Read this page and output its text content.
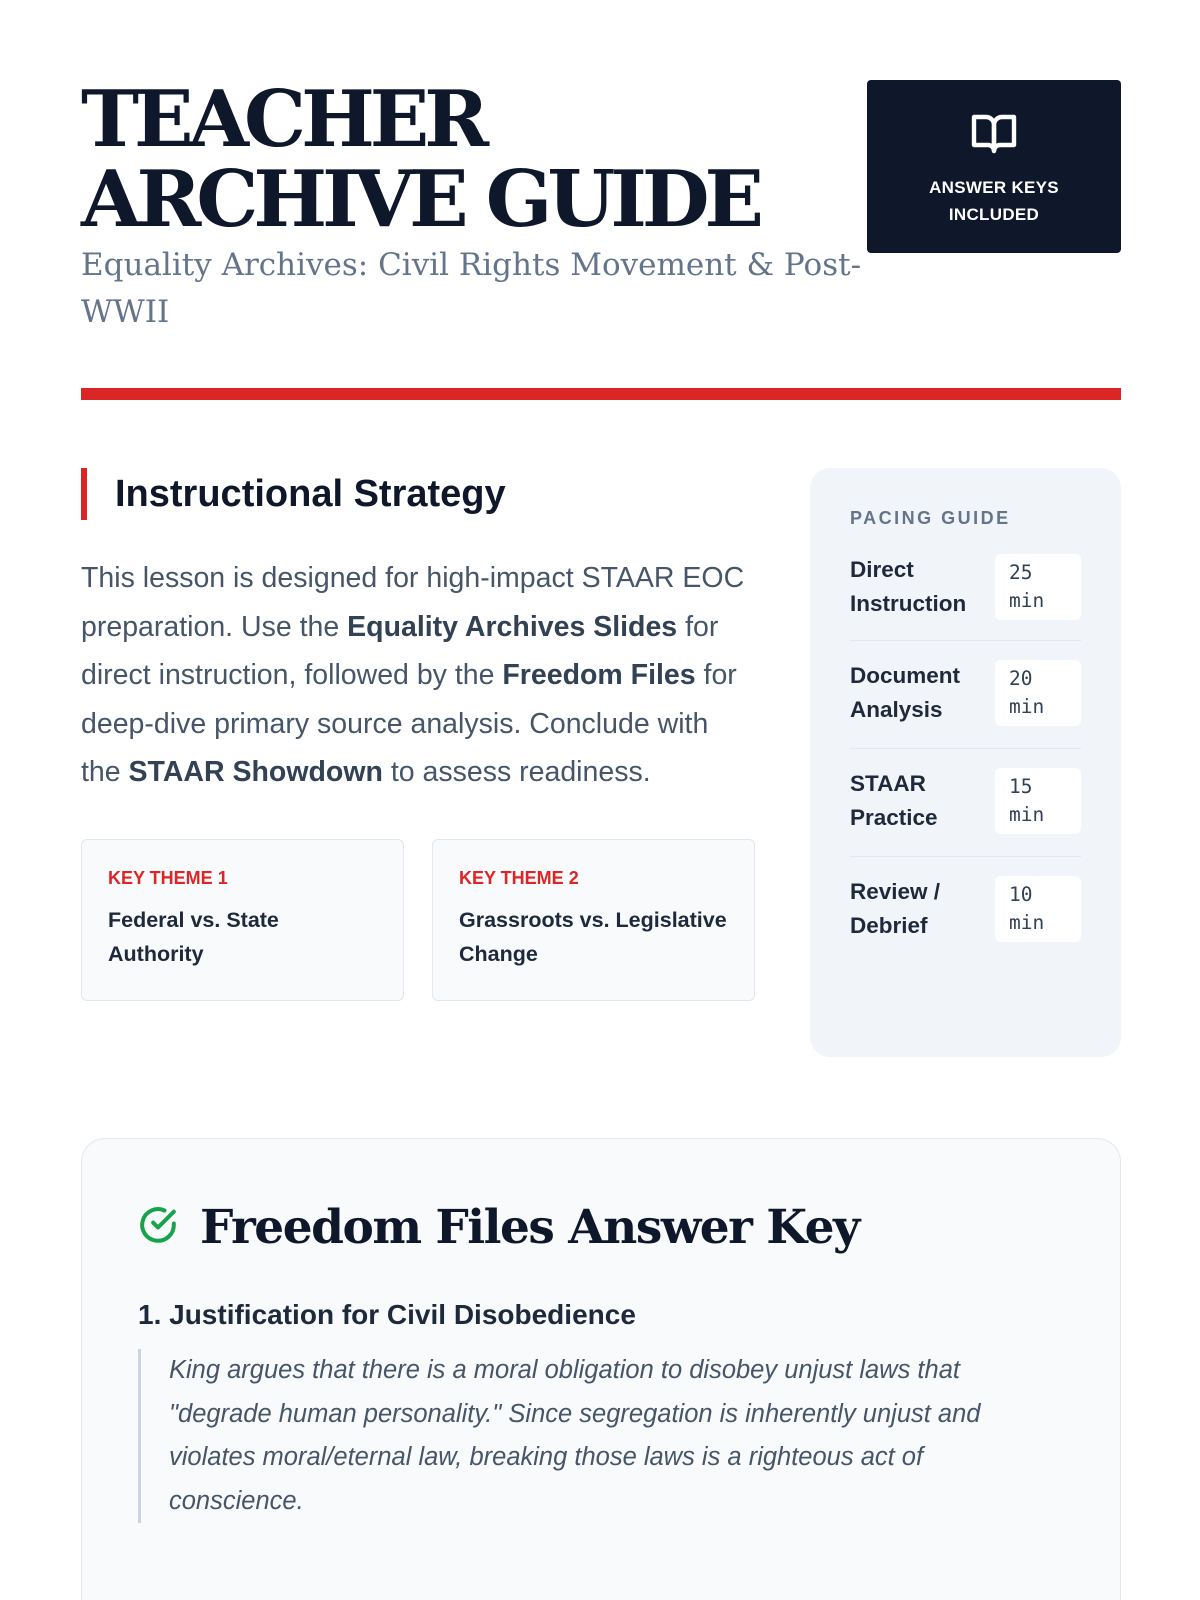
TEACHER ARCHIVE GUIDE
Equality Archives: Civil Rights Movement & Post-WWII
ANSWER KEYS INCLUDED
Instructional Strategy

This lesson is designed for high-impact STAAR EOC preparation. Use the Equality Archives Slides for direct instruction, followed by the Freedom Files for deep-dive primary source analysis. Conclude with the STAAR Showdown to assess readiness.

KEY THEME 1
Federal vs. State Authority
KEY THEME 2
Grassroots vs. Legislative Change
PACING GUIDE
Direct Instruction
25 min
Document Analysis
20 min
STAAR Practice
15 min
Review / Debrief
10 min
Freedom Files Answer Key
1. Justification for Civil Disobedience
King argues that there is a moral obligation to disobey unjust laws that "degrade human personality." Since segregation is inherently unjust and violates moral/eternal law, breaking those laws is a righteous act of conscience.
